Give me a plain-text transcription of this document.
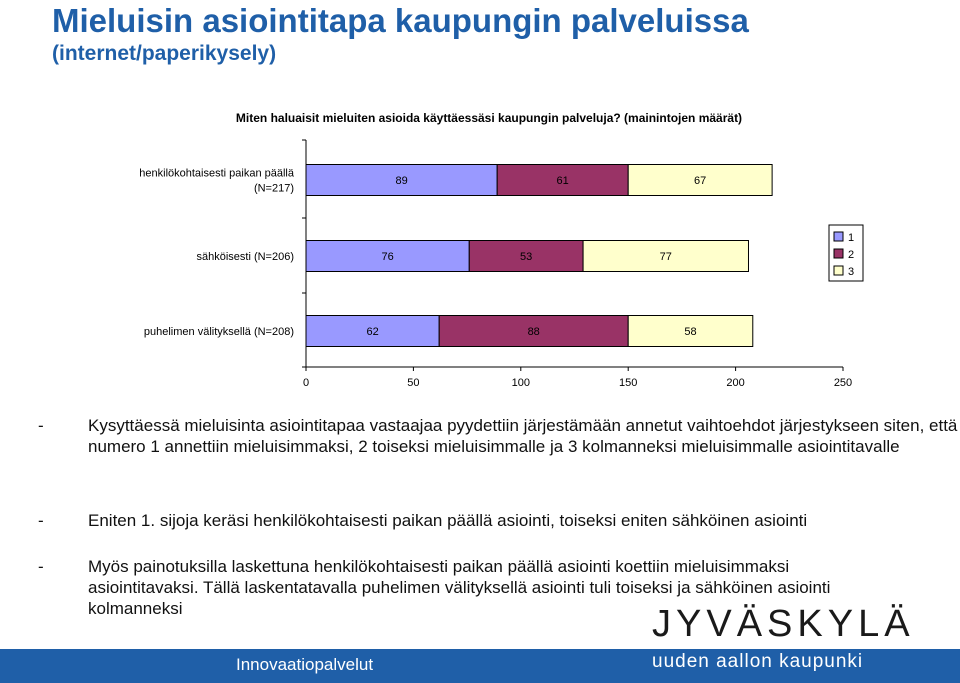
Mieluisin asiointitapa kaupungin palveluissa
(internet/paperikysely)
Miten haluaisit mieluiten asioida käyttäessäsi kaupungin palveluja? (mainintojen määrät)
0	50	100	150	200	250
henkilökohtaisesti paikan päällä
(N=217)
sähköisesti (N=206)
puhelimen välityksellä (N=208)
89	61	67
76	53	77
62	88	58
1
2
3
-	Kysyttäessä mieluisinta asiointitapaa vastaajaa pyydettiin järjestämään annetut vaihtoehdot järjestykseen siten, että numero 1 annettiin mieluisimmaksi, 2 toiseksi mieluisimmalle ja 3 kolmanneksi mieluisimmalle asiointitavalle
-	Eniten 1. sijoja keräsi henkilökohtaisesti paikan päällä asiointi, toiseksi eniten sähköinen asiointi
-	Myös painotuksilla laskettuna henkilökohtaisesti paikan päällä asiointi koettiin mieluisimmaksi asiointitavaksi. Tällä laskentatavalla puhelimen välityksellä asiointi tuli toiseksi ja sähköinen asiointi kolmanneksi
Innovaatiopalvelut
JYVÄSKYLÄ
uuden aallon kaupunki
